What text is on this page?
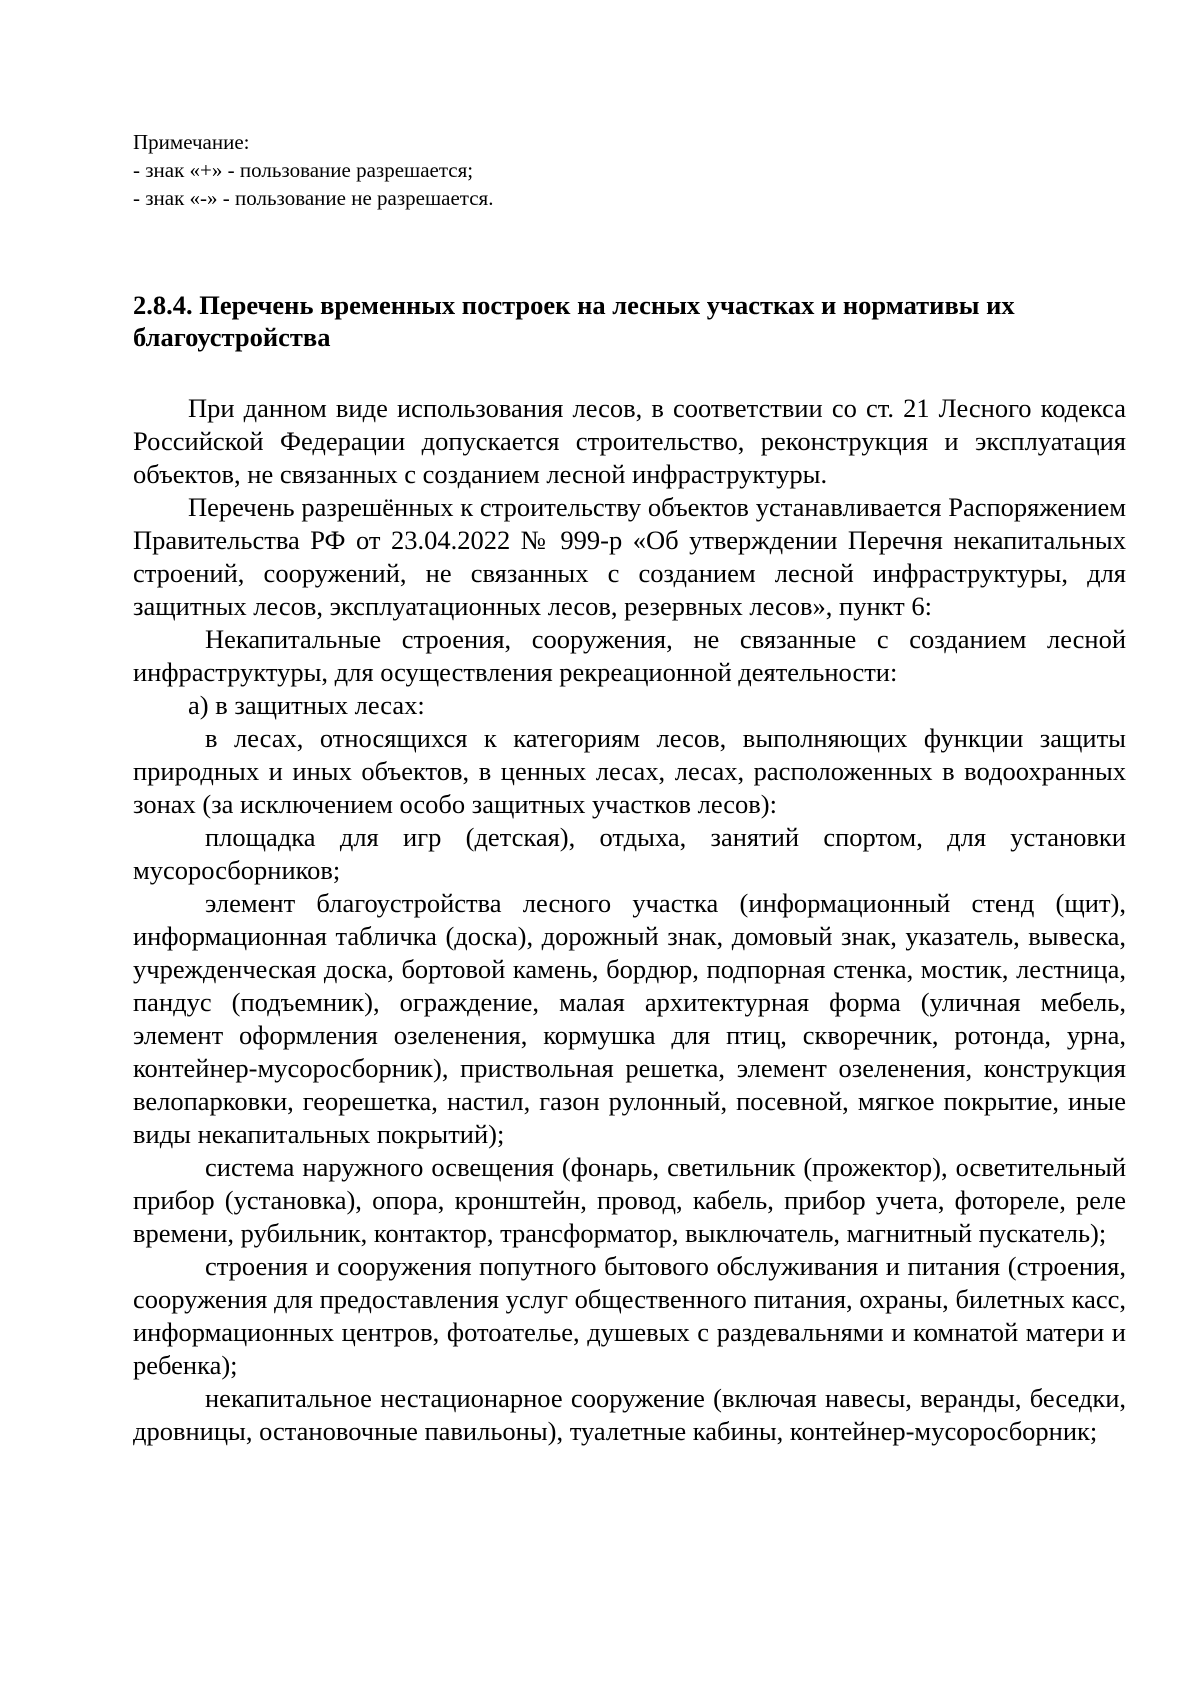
Примечание:
- знак «+» - пользование разрешается;
- знак «-» - пользование не разрешается.
2.8.4. Перечень временных построек на лесных участках и нормативы их благоустройства

При данном виде использования лесов, в соответствии со ст. 21 Лесного кодекса Российской Федерации допускается строительство, реконструкция и эксплуатация объектов, не связанных с созданием лесной инфраструктуры.

Перечень разрешённых к строительству объектов устанавливается Распоряжением Правительства РФ от 23.04.2022 № 999-р «Об утверждении Перечня некапитальных строений, сооружений, не связанных с созданием лесной инфраструктуры, для защитных лесов, эксплуатационных лесов, резервных лесов», пункт 6:

Некапитальные строения, сооружения, не связанные с созданием лесной инфраструктуры, для осуществления рекреационной деятельности:

а) в защитных лесах:

в лесах, относящихся к категориям лесов, выполняющих функции защиты природных и иных объектов, в ценных лесах, лесах, расположенных в водоохранных зонах (за исключением особо защитных участков лесов):

площадка для игр (детская), отдыха, занятий спортом, для установки мусоросборников;

элемент благоустройства лесного участка (информационный стенд (щит), информационная табличка (доска), дорожный знак, домовый знак, указатель, вывеска, учрежденческая доска, бортовой камень, бордюр, подпорная стенка, мостик, лестница, пандус (подъемник), ограждение, малая архитектурная форма (уличная мебель, элемент оформления озеленения, кормушка для птиц, скворечник, ротонда, урна, контейнер-мусоросборник), приствольная решетка, элемент озеленения, конструкция велопарковки, георешетка, настил, газон рулонный, посевной, мягкое покрытие, иные виды некапитальных покрытий);

система наружного освещения (фонарь, светильник (прожектор), осветительный прибор (установка), опора, кронштейн, провод, кабель, прибор учета, фотореле, реле времени, рубильник, контактор, трансформатор, выключатель, магнитный пускатель);

строения и сооружения попутного бытового обслуживания и питания (строения, сооружения для предоставления услуг общественного питания, охраны, билетных касс, информационных центров, фотоателье, душевых с раздевальнями и комнатой матери и ребенка);

некапитальное нестационарное сооружение (включая навесы, веранды, беседки, дровницы, остановочные павильоны), туалетные кабины, контейнер-мусоросборник;
